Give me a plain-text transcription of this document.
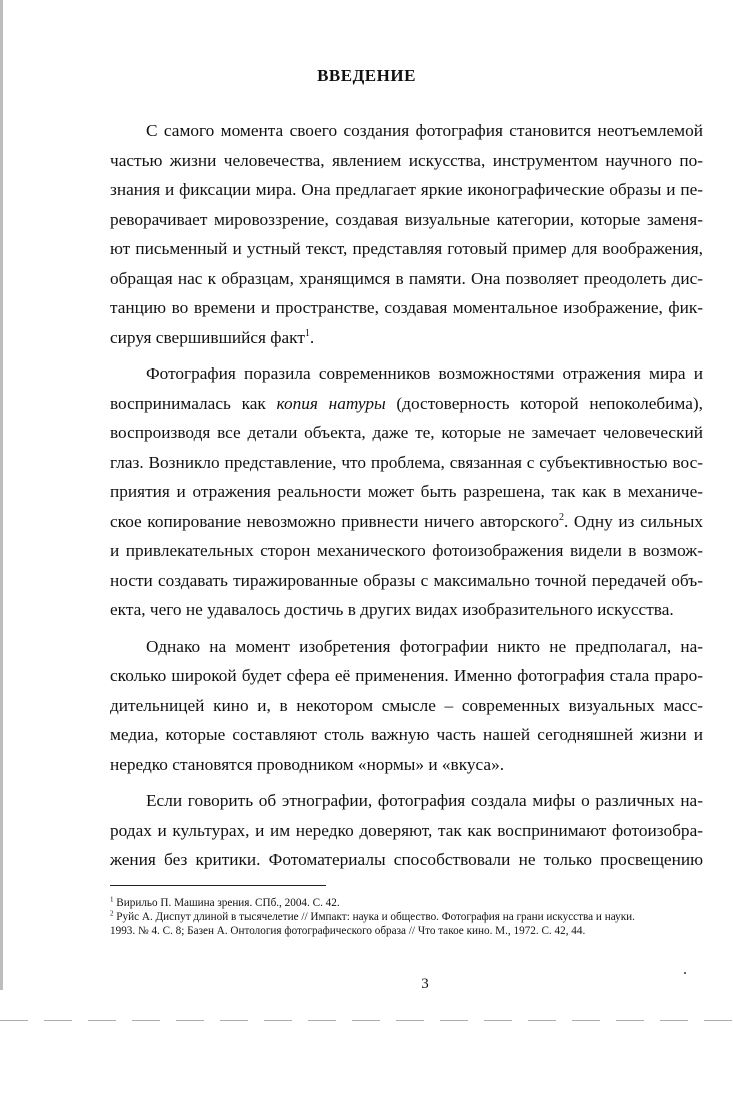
ВВЕДЕНИЕ
С самого момента своего создания фотография становится неотъемлемой
частью жизни человечества, явлением искусства, инструментом научного по-
знания и фиксации мира. Она предлагает яркие иконографические образы и пе-
реворачивает мировоззрение, создавая визуальные категории, которые заменя-
ют письменный и устный текст, представляя готовый пример для воображения,
обращая нас к образцам, хранящимся в памяти. Она позволяет преодолеть дис-
танцию во времени и пространстве, создавая моментальное изображение, фик-
сируя свершившийся факт$^1$.
Фотография поразила современников возможностями отражения мира и
воспринималась как копия натуры (достоверность которой непоколебима),
воспроизводя все детали объекта, даже те, которые не замечает человеческий
глаз. Возникло представление, что проблема, связанная с субъективностью вос-
приятия и отражения реальности может быть разрешена, так как в механиче-
ское копирование невозможно привнести ничего авторского$^2$. Одну из сильных
и привлекательных сторон механического фотоизображения видели в возмож-
ности создавать тиражированные образы с максимально точной передачей объ-
екта, чего не удавалось достичь в других видах изобразительного искусства.
Однако на момент изобретения фотографии никто не предполагал, на-
сколько широкой будет сфера её применения. Именно фотография стала праро-
дительницей кино и, в некотором смысле – современных визуальных масс-
медиа, которые составляют столь важную часть нашей сегодняшней жизни и
нередко становятся проводником «нормы» и «вкуса».
Если говорить об этнографии, фотография создала мифы о различных на-
родах и культурах, и им нередко доверяют, так как воспринимают фотоизобра-
жения без критики. Фотоматериалы способствовали не только просвещению
$^1$ Вирильо П. Машина зрения. СПб., 2004. С. 42.
$^2$ Руйс А. Диспут длиной в тысячелетие // Импакт: наука и общество. Фотография на грани искусства и науки.
1993. № 4. С. 8; Базен А. Онтология фотографического образа // Что такое кино. М., 1972. С. 42, 44.
3
